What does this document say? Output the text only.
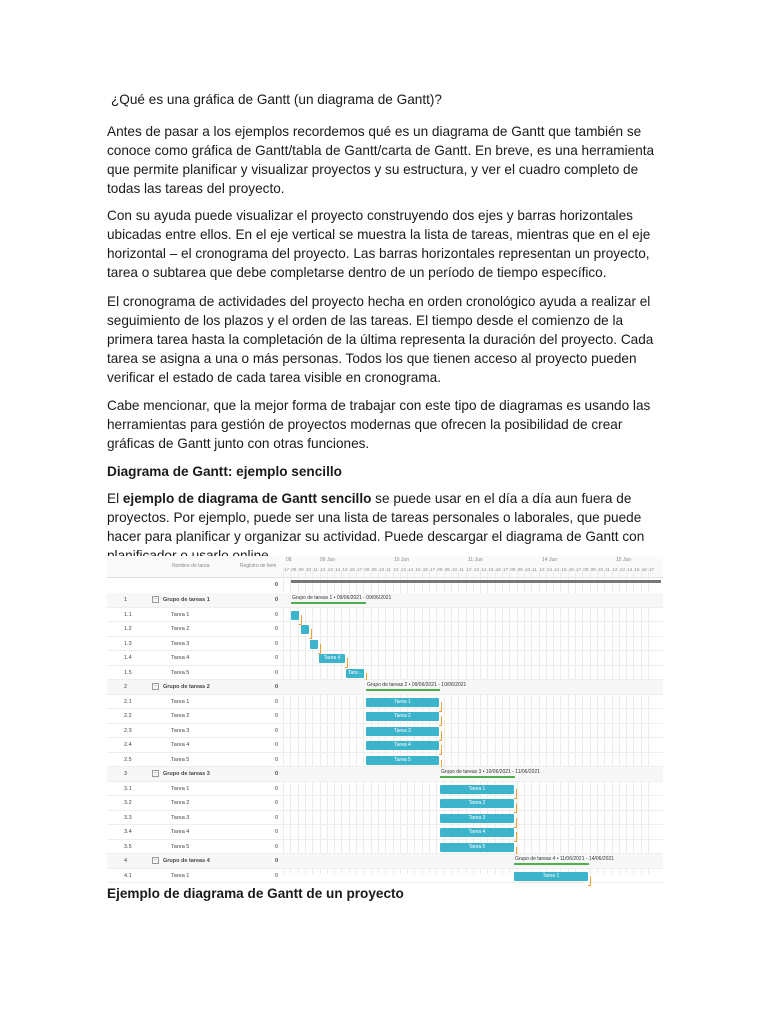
¿Qué es una gráfica de Gantt (un diagrama de Gantt)?
Antes de pasar a los ejemplos recordemos qué es un diagrama de Gantt que también se conoce como gráfica de Gantt/tabla de Gantt/carta de Gantt. En breve, es una herramienta que permite planificar y visualizar proyectos y su estructura, y ver el cuadro completo de todas las tareas del proyecto.
Con su ayuda puede visualizar el proyecto construyendo dos ejes y barras horizontales ubicadas entre ellos. En el eje vertical se muestra la lista de tareas, mientras que en el eje horizontal – el cronograma del proyecto. Las barras horizontales representan un proyecto, tarea o subtarea que debe completarse dentro de un período de tiempo específico.
El cronograma de actividades del proyecto hecha en orden cronológico ayuda a realizar el seguimiento de los plazos y el orden de las tareas. El tiempo desde el comienzo de la primera tarea hasta la completación de la última representa la duración del proyecto. Cada tarea se asigna a una o más personas. Todos los que tienen acceso al proyecto pueden verificar el estado de cada tarea visible en cronograma.
Cabe mencionar, que la mejor forma de trabajar con este tipo de diagramas es usando las herramientas para gestión de proyectos modernas que ofrecen la posibilidad de crear gráficas de Gantt junto con otras funciones.
Diagrama de Gantt: ejemplo sencillo
El ejemplo de diagrama de Gantt sencillo se puede usar en el día a día aun fuera de proyectos. Por ejemplo, puede ser una lista de tareas personales o laborales, que puede hacer para planificar y organizar su actividad. Puede descargar el diagrama de Gantt con
Nombre de tarea	Registro de tiem
08	09 Jun	10 Jun	11 Jun	14 Jun	15 Jun
17 08 09 10 11 12 13 14 15 16 17 08 09 10 11 12 13 14 15 16 17 08 09 10 11 12 13 14 15 16 17 08 09 10 11 12 13 14 15 16 17 08 09 10 11 12 13 14 15 16 17
0
1	−	Grupo de tareas 1	0	Grupo de tareas 1 • 09/06/2021 - 09/06/2021
1.1	Tarea 1	0
1.2	Tarea 2	0
1.3	Tarea 3	0
1.4	Tarea 4	0	Tarea 4
1.5	Tarea 5	0	Tare...
2	−	Grupo de tareas 2	0	Grupo de tareas 2 • 09/06/2021 - 10/06/2021
2.1	Tarea 1	0	Tarea 1
2.2	Tarea 2	0	Tarea 2
2.3	Tarea 3	0	Tarea 3
2.4	Tarea 4	0	Tarea 4
2.5	Tarea 5	0	Tarea 5
3	−	Grupo de tareas 3	0	Grupo de tareas 3 • 10/06/2021 - 11/06/2021
3.1	Tarea 1	0	Tarea 1
3.2	Tarea 2	0	Tarea 2
3.3	Tarea 3	0	Tarea 3
3.4	Tarea 4	0	Tarea 4
3.5	Tarea 5	0	Tarea 5
4	−	Grupo de tareas 4	0	Grupo de tareas 4 • 11/06/2021 - 14/06/2021
4.1	Tarea 1	0	Tarea 1
Ejemplo de diagrama de Gantt de un proyecto
